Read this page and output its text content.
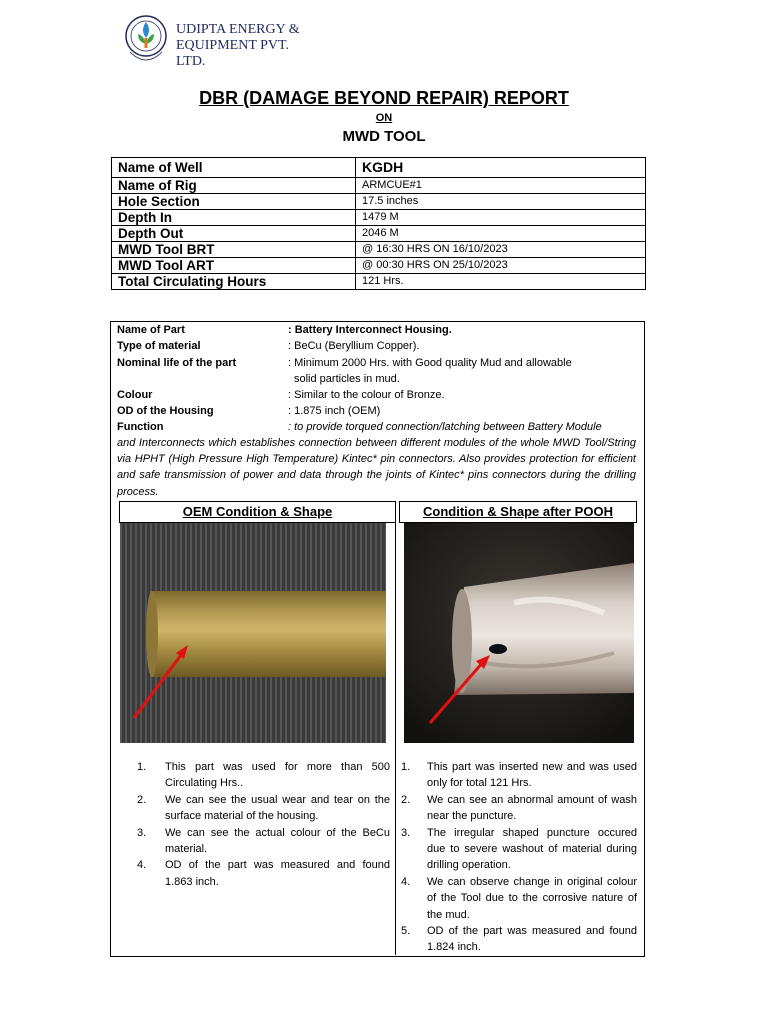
UDIPTA ENERGY &
EQUIPMENT PVT. LTD.
DBR (DAMAGE BEYOND REPAIR) REPORT
ON
MWD TOOL
Name of Well	KGDH
Name of Rig	ARMCUE#1
Hole Section	17.5 inches
Depth In	1479 M
Depth Out	2046 M
MWD Tool BRT	@ 16:30 HRS ON 16/10/2023
MWD Tool ART	@ 00:30 HRS ON 25/10/2023
Total Circulating Hours	121 Hrs.
Name of Part	: Battery Interconnect Housing.
Type of material	: BeCu (Beryllium Copper).
Nominal life of the part	: Minimum 2000 Hrs. with Good quality Mud and allowable
solid particles in mud.
Colour	: Similar to the colour of Bronze.
OD of the Housing	: 1.875 inch (OEM)
Function	: to provide torqued connection/latching between Battery Module
and Interconnects which establishes connection between different modules of the whole MWD Tool/String via HPHT (High Pressure High Temperature) Kintec* pin connectors. Also provides protection for efficient and safe transmission of power and data through the joints of Kintec* pins connectors during the drilling process.
OEM Condition & Shape	Condition & Shape after POOH
1. This part was used for more than 500 Circulating Hrs..
2. We can see the usual wear and tear on the surface material of the housing.
3. We can see the actual colour of the BeCu material.
4. OD of the part was measured and found 1.863 inch.
1. This part was inserted new and was used only for total 121 Hrs.
2. We can see an abnormal amount of wash near the puncture.
3. The irregular shaped puncture occured due to severe washout of material during drilling operation.
4. We can observe change in original colour of the Tool due to the corrosive nature of the mud.
5. OD of the part was measured and found 1.824 inch.
